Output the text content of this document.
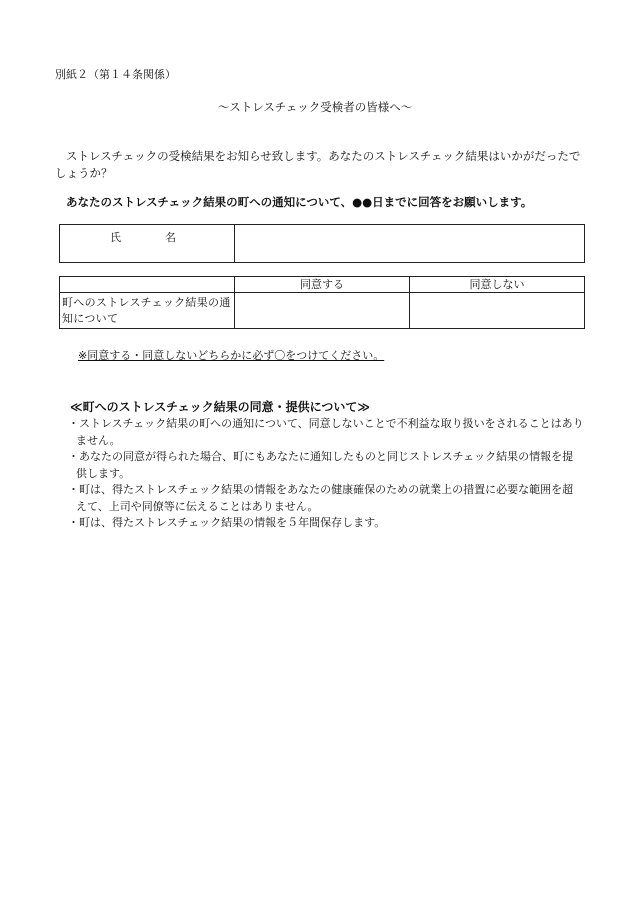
別紙２（第１４条関係）
～ストレスチェック受検者の皆様へ～
ストレスチェックの受検結果をお知らせ致します。あなたのストレスチェック結果はいかがだったでしょうか？
あなたのストレスチェック結果の町への通知について、●●日までに回答をお願いします。
氏	名

	同意する	同意しない
町へのストレスチェック結果の通知について		
※同意する・同意しないどちらかに必ず〇をつけてください。
≪町へのストレスチェック結果の同意・提供について≫
・ストレスチェック結果の町への通知について、同意しないことで不利益な取り扱いをされることはありません。
・あなたの同意が得られた場合、町にもあなたに通知したものと同じストレスチェック結果の情報を提供します。
・町は、得たストレスチェック結果の情報をあなたの健康確保のための就業上の措置に必要な範囲を超えて、上司や同僚等に伝えることはありません。
・町は、得たストレスチェック結果の情報を５年間保存します。
